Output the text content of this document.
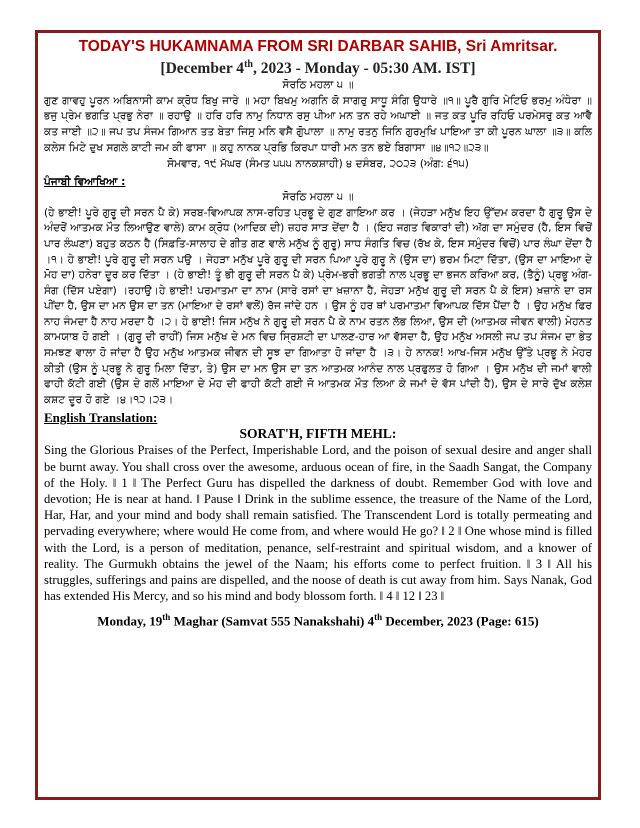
TODAY'S HUKAMNAMA FROM SRI DARBAR SAHIB, Sri Amritsar.

[December 4th, 2023 - Monday - 05:30 AM. IST]

ਸੋਰਠਿ ਮਹਲਾ ੫ ॥

ਗੁਣ ਗਾਵਹੁ ਪੂਰਨ ਅਬਿਨਾਸੀ ਕਾਮ ਕ੍ਰੋਧ ਬਿਖੁ ਜਾਰੇ ॥ ਮਹਾ ਬਿਖਮੁ ਅਗਨਿ ਕੋ ਸਾਗਰੁ ਸਾਧੂ ਸੰਗਿ ਉਧਾਰੇ ॥੧॥ ਪੂਰੈ ਗੁਰਿ ਮੇਟਿਓ ਭਰਮੁ ਅੰਧੇਰਾ ॥ ਭਜੁ ਪ੍ਰੇਮ ਭਗਤਿ ਪ੍ਰਭੁ ਨੇਰਾ ॥ ਰਹਾਉ ॥ ਹਰਿ ਹਰਿ ਨਾਮੁ ਨਿਧਾਨ ਰਸੁ ਪੀਆ ਮਨ ਤਨ ਰਹੇ ਅਘਾਈ ॥ ਜਤ ਕਤ ਪੂਰਿ ਰਹਿਓ ਪਰਮੇਸਰੁ ਕਤ ਆਵੈ ਕਤ ਜਾਈ ॥੨॥ ਜਪ ਤਪ ਸੰਜਮ ਗਿਆਨ ਤਤ ਬੇਤਾ ਜਿਸੁ ਮਨਿ ਵਸੈ ਗੁੋਪਾਲਾ ॥ ਨਾਮੁ ਰਤਨੁ ਜਿਨਿ ਗੁਰਮੁਖਿ ਪਾਇਆ ਤਾ ਕੀ ਪੂਰਨ ਘਾਲਾ ॥੩॥ ਕਲਿ ਕਲੇਸ ਮਿਟੇ ਦੁਖ ਸਗਲੇ ਕਾਟੀ ਜਮ ਕੀ ਫਾਸਾ ॥ ਕਹੁ ਨਾਨਕ ਪ੍ਰਭਿ ਕਿਰਪਾ ਧਾਰੀ ਮਨ ਤਨ ਭਏ ਬਿਗਾਸਾ ॥੪॥੧੨॥੨੩॥

ਸੋਮਵਾਰ, ੧੯ ਮੱਘਰ (ਸੰਮਤ ੫੫੫ ਨਾਨਕਸ਼ਾਹੀ) ੪ ਦਸੰਬਰ, ੨੦੨੩ (ਅੰਗ: ੬੧੫)

ਪੰਜਾਬੀ ਵਿਆਖਿਆ :

ਸੋਰਠਿ ਮਹਲਾ ੫ ॥

(ਹੇ ਭਾਈ! ਪੂਰੇ ਗੁਰੂ ਦੀ ਸਰਨ ਪੈ ਕੇ) ਸਰਬ-ਵਿਆਪਕ ਨਾਸ-ਰਹਿਤ ਪ੍ਰਭੂ ਦੇ ਗੁਣ ਗਾਇਆ ਕਰ । (ਜੇਹੜਾ ਮਨੁੱਖ ਇਹ ਉੱਦਮ ਕਰਦਾ ਹੈ ਗੁਰੂ ਉਸ ਦੇ ਅੰਦਰੋਂ ਆਤਮਕ ਮੌਤ ਲਿਆਉਣ ਵਾਲੇ) ਕਾਮ ਕ੍ਰੋਧ (ਆਦਿਕ ਦੀ) ਜ਼ਹਰ ਸਾੜ ਦੇਂਦਾ ਹੈ । (ਇਹ ਜਗਤ ਵਿਕਾਰਾਂ ਦੀ) ਅੱਗ ਦਾ ਸਮੁੰਦਰ (ਹੈ, ਇਸ ਵਿਚੋਂ ਪਾਰ ਲੰਘਣਾ) ਬਹੁਤ ਕਠਨ ਹੈ (ਸਿਫ਼ਤਿ-ਸਾਲਾਹ ਦੇ ਗੀਤ ਗਣ ਵਾਲੇ ਮਨੁੱਖ ਨੂੰ ਗੁਰੂ) ਸਾਧ ਸੰਗਤਿ ਵਿਚ (ਰੱਖ ਕੇ, ਇਸ ਸਮੁੰਦਰ ਵਿਚੋਂ) ਪਾਰ ਲੰਘਾ ਦੇਂਦਾ ਹੈ ।੧। ਹੇ ਭਾਈ! ਪੂਰੇ ਗੁਰੂ ਦੀ ਸਰਨ ਪਉ । ਜੇਹੜਾ ਮਨੁੱਖ ਪੂਰੇ ਗੁਰੂ ਦੀ ਸਰਨ ਪਿਆ ਪੂਰੇ ਗੁਰੂ ਨੇ (ਉਸ ਦਾ) ਭਰਮ ਮਿਟਾ ਦਿੱਤਾ, (ਉਸ ਦਾ ਮਾਇਆ ਦੇ ਮੋਹ ਦਾ) ਹਨੇਰਾ ਦੂਰ ਕਰ ਦਿੱਤਾ । (ਹੇ ਭਾਈ! ਤੂੰ ਭੀ ਗੁਰੂ ਦੀ ਸਰਨ ਪੈ ਕੇ) ਪ੍ਰੇਮ-ਭਰੀ ਭਗਤੀ ਨਾਲ ਪ੍ਰਭੂ ਦਾ ਭਜਨ ਕਰਿਆ ਕਰ, (ਤੈਨੂੰ) ਪ੍ਰਭੂ ਅੰਗ-ਸੰਗ (ਦਿੱਸ ਪਏਗਾ) ।ਰਹਾਉ।ਹੇ ਭਾਈ! ਪਰਮਾਤਮਾ ਦਾ ਨਾਮ (ਸਾਰੇ ਰਸਾਂ ਦਾ ਖ਼ਜ਼ਾਨਾ ਹੈ, ਜੇਹੜਾ ਮਨੁੱਖ ਗੁਰੂ ਦੀ ਸਰਨ ਪੈ ਕੇ ਇਸ) ਖ਼ਜ਼ਾਨੇ ਦਾ ਰਸ ਪੀਂਦਾ ਹੈ, ਉਸ ਦਾ ਮਨ ਉਸ ਦਾ ਤਨ (ਮਾਇਆ ਦੇ ਰਸਾਂ ਵਲੋਂ) ਰੱਜ ਜਾਂਦੇ ਹਨ । ਉਸ ਨੂੰ ਹਰ ਥਾਂ ਪਰਮਾਤਮਾ ਵਿਆਪਕ ਦਿੱਸ ਪੈਂਦਾ ਹੈ । ਉਹ ਮਨੁੱਖ ਫਿਰ ਨਾਹ ਜੰਮਦਾ ਹੈ ਨਾਹ ਮਰਦਾ ਹੈ ।੨। ਹੇ ਭਾਈ! ਜਿਸ ਮਨੁੱਖ ਨੇ ਗੁਰੂ ਦੀ ਸਰਨ ਪੈ ਕੇ ਨਾਮ ਰਤਨ ਲੱਭ ਲਿਆ, ਉਸ ਦੀ (ਆਤਮਕ ਜੀਵਨ ਵਾਲੀ) ਮੇਹਨਤ ਕਾਮਯਾਬ ਹੋ ਗਈ । (ਗੁਰੂ ਦੀ ਰਾਹੀਂ) ਜਿਸ ਮਨੁੱਖ ਦੇ ਮਨ ਵਿਚ ਸ੍ਰਿਸ਼ਟੀ ਦਾ ਪਾਲਣ-ਹਾਰ ਆ ਵੱਸਦਾ ਹੈ, ਉਹ ਮਨੁੱਖ ਅਸਲੀ ਜਪ ਤਪ ਸੰਜਮ ਦਾ ਭੇਤ ਸਮਝਣ ਵਾਲਾ ਹੋ ਜਾਂਦਾ ਹੈ ਉਹ ਮਨੁੱਖ ਆਤਮਕ ਜੀਵਨ ਦੀ ਸੂਝ ਦਾ ਗਿਆਤਾ ਹੋ ਜਾਂਦਾ ਹੈ ।੩। ਹੇ ਨਾਨਕ! ਆਖ-ਜਿਸ ਮਨੁੱਖ ਉੱਤੇ ਪ੍ਰਭੂ ਨੇ ਮੇਹਰ ਕੀਤੀ (ਉਸ ਨੂੰ ਪ੍ਰਭੂ ਨੇ ਗੁਰੂ ਮਿਲਾ ਦਿੱਤਾ, ਤੇ) ਉਸ ਦਾ ਮਨ ਉਸ ਦਾ ਤਨ ਆਤਮਕ ਆਨੰਦ ਨਾਲ ਪ੍ਰਫੁਲਤ ਹੋ ਗਿਆ । ਉਸ ਮਨੁੱਖ ਦੀ ਜਮਾਂ ਵਾਲੀ ਫਾਹੀ ਕੱਟੀ ਗਈ (ਉਸ ਦੇ ਗਲੋਂ ਮਾਇਆ ਦੇ ਮੋਹ ਦੀ ਫਾਹੀ ਕੱਟੀ ਗਈ ਜੋ ਆਤਮਕ ਮੌਤ ਲਿਆ ਕੇ ਜਮਾਂ ਦੇ ਵੱਸ ਪਾਂਦੀ ਹੈ), ਉਸ ਦੇ ਸਾਰੇ ਦੁੱਖ ਕਲੇਸ਼ ਕਸ਼ਟ ਦੂਰ ਹੋ ਗਏ ।੪।੧੨।੨੩।

English Translation:

SORAT'H, FIFTH MEHL:

Sing the Glorious Praises of the Perfect, Imperishable Lord, and the poison of sexual desire and anger shall be burnt away. You shall cross over the awesome, arduous ocean of fire, in the Saadh Sangat, the Company of the Holy. ‖ 1 ‖ The Perfect Guru has dispelled the darkness of doubt. Remember God with love and devotion; He is near at hand. ‖ Pause ‖ Drink in the sublime essence, the treasure of the Name of the Lord, Har, Har, and your mind and body shall remain satisfied. The Transcendent Lord is totally permeating and pervading everywhere; where would He come from, and where would He go? ‖ 2 ‖ One whose mind is filled with the Lord, is a person of meditation, penance, self-restraint and spiritual wisdom, and a knower of reality. The Gurmukh obtains the jewel of the Naam; his efforts come to perfect fruition. ‖ 3 ‖ All his struggles, sufferings and pains are dispelled, and the noose of death is cut away from him. Says Nanak, God has extended His Mercy, and so his mind and body blossom forth. ‖ 4 ‖ 12 ‖ 23 ‖

Monday, 19th Maghar (Samvat 555 Nanakshahi) 4th December, 2023 (Page: 615)
